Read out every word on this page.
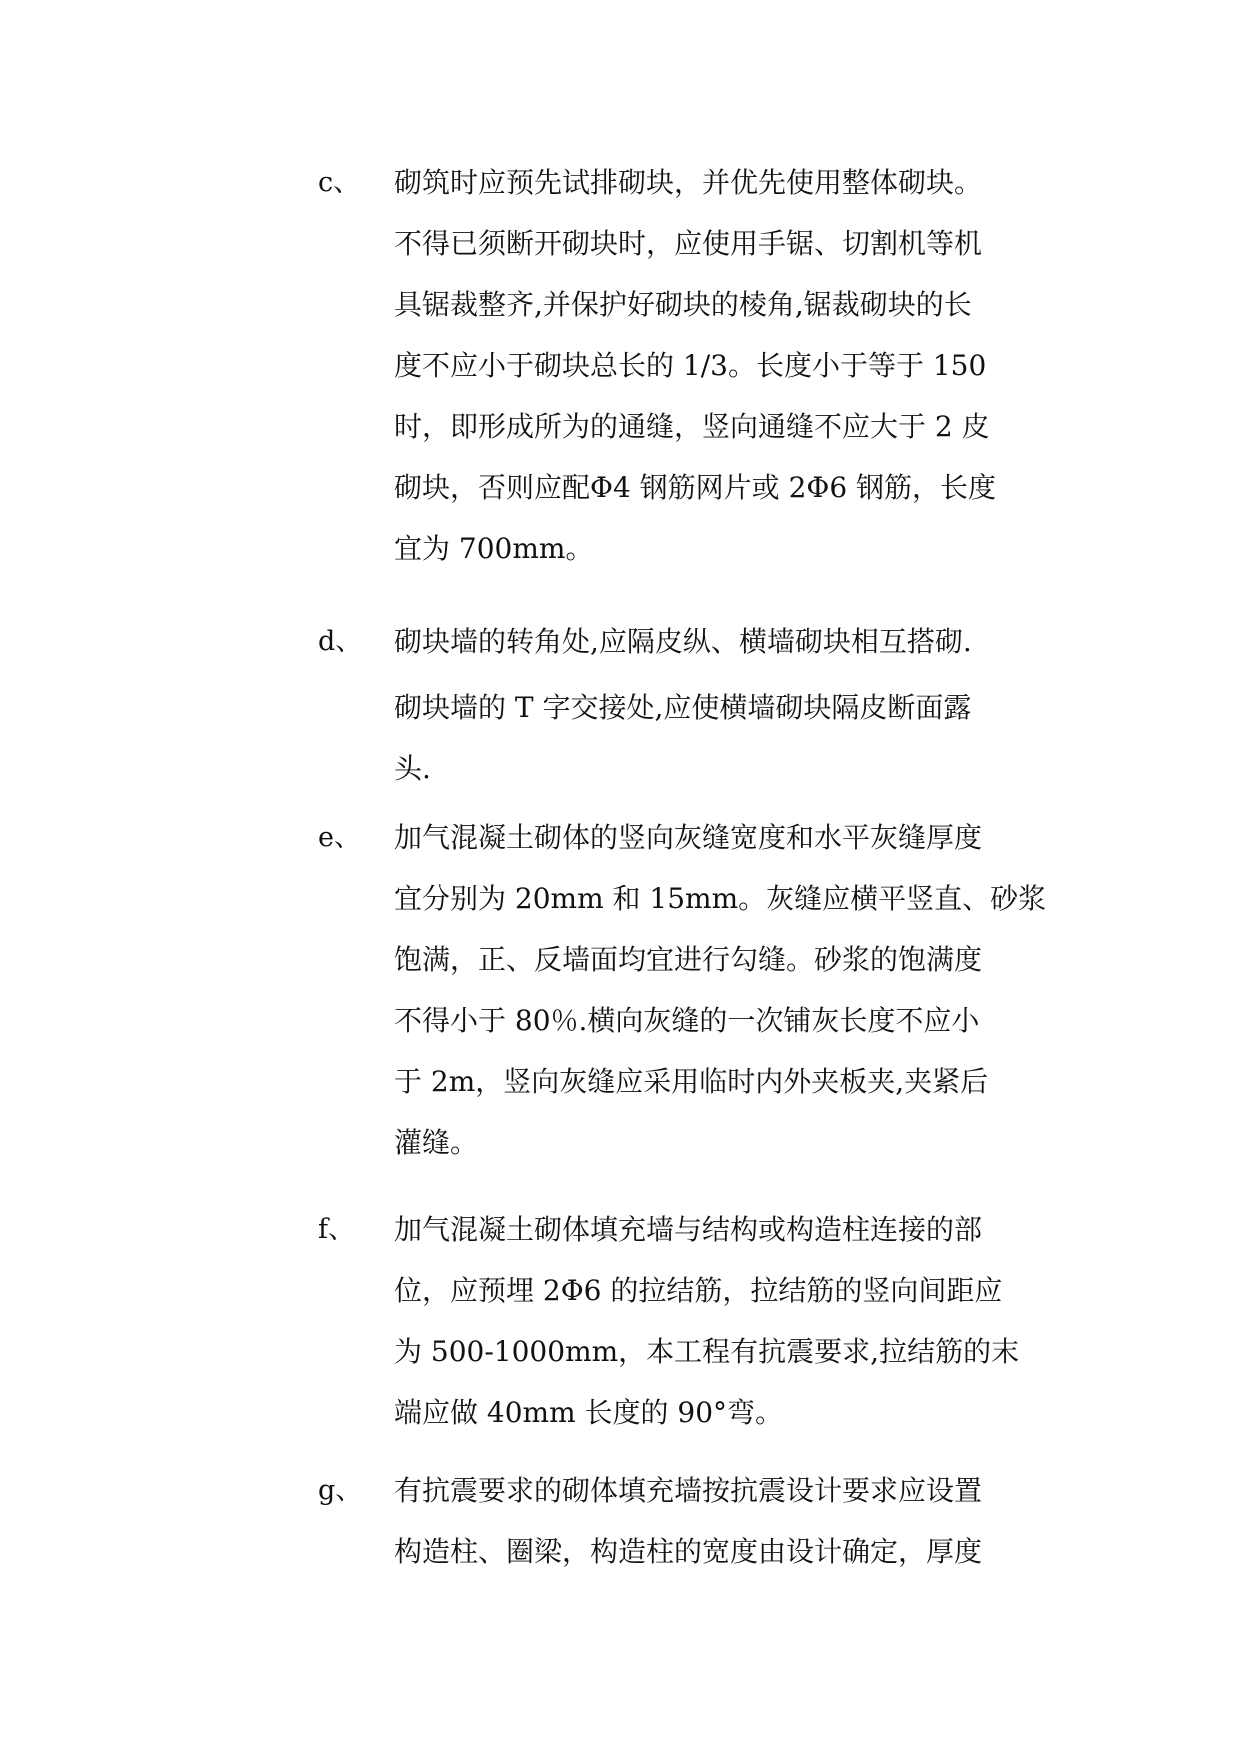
c、 砌筑时应预先试排砌块，并优先使用整体砌块。
不得已须断开砌块时，应使用手锯、切割机等机
具锯裁整齐,并保护好砌块的棱角,锯裁砌块的长
度不应小于砌块总长的 1/3。长度小于等于 150
时，即形成所为的通缝，竖向通缝不应大于 2 皮
砌块，否则应配Φ4 钢筋网片或 2Φ6 钢筋，长度
宜为 700mm。
d、 砌块墙的转角处,应隔皮纵、横墙砌块相互搭砌.
砌块墙的 T 字交接处,应使横墙砌块隔皮断面露
头.
e、 加气混凝土砌体的竖向灰缝宽度和水平灰缝厚度
宜分别为 20mm 和 15mm。灰缝应横平竖直、砂浆
饱满，正、反墙面均宜进行勾缝。砂浆的饱满度
不得小于 80％.横向灰缝的一次铺灰长度不应小
于 2m，竖向灰缝应采用临时内外夹板夹,夹紧后
灌缝。
f、 加气混凝土砌体填充墙与结构或构造柱连接的部
位，应预埋 2Φ6 的拉结筋，拉结筋的竖向间距应
为 500-1000mm，本工程有抗震要求,拉结筋的末
端应做 40mm 长度的 90°弯。
g、 有抗震要求的砌体填充墙按抗震设计要求应设置
构造柱、圈梁，构造柱的宽度由设计确定，厚度
